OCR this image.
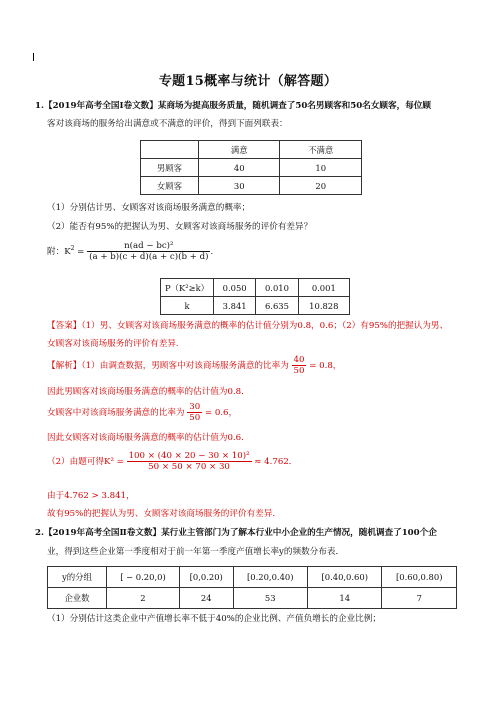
专题15概率与统计（解答题）
1.【2019年高考全国Ⅰ卷文数】某商场为提高服务质量，随机调查了50名男顾客和50名女顾客，每位顾
客对该商场的服务给出满意或不满意的评价，得到下面列联表：
	满意	不满意
男顾客	40	10
女顾客	30	20
（1）分别估计男、女顾客对该商场服务满意的概率；
（2）能否有95%的把握认为男、女顾客对该商场服务的评价有差异？
附：$K^2 = \frac{\text{n(ad − bc)²}}{(a + b)(c + d)(a + c)(b + d)}$ .
P（K²≥k）	0.050	0.010	0.001
k	3.841	6.635	10.828
【答案】（1）男、女顾客对该商场服务满意的概率的估计值分别为0.8，0.6；（2）有95%的把握认为男、
女顾客对该商场服务的评价有差异.
【解析】（1）由调查数据，男顾客中对该商场服务满意的比率为 $\frac{40}{50} = 0.8$，
因此男顾客对该商场服务满意的概率的估计值为0.8．
女顾客中对该商场服务满意的比率为 $\frac{30}{50} = 0.6$，
因此女顾客对该商场服务满意的概率的估计值为0.6．
（2）由题可得$K^2 = \frac{\text{100 × (40 × 20 − 30 × 10)²}}{50 \times 50 \times 70 \times 30} \approx 4.762$．
由于4.762 > 3.841，
故有95%的把握认为男、女顾客对该商场服务的评价有差异.
2.【2019年高考全国Ⅱ卷文数】某行业主管部门为了解本行业中小企业的生产情况，随机调查了100个企
业，得到这些企业第一季度相对于前一年第一季度产值增长率y的频数分布表．
y的分组	[ − 0.20,0)	[0,0.20)	[0.20,0.40)	[0.40,0.60)	[0.60,0.80)
企业数	2	24	53	14	7
（1）分别估计这类企业中产值增长率不低于40%的企业比例、产值负增长的企业比例；
